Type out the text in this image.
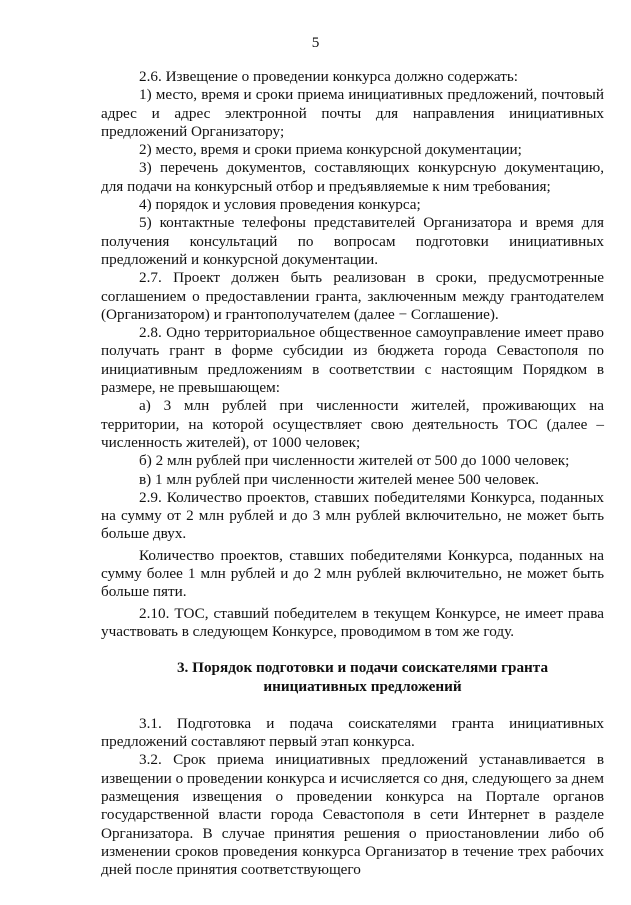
5

2.6. Извещение о проведении конкурса должно содержать:

1) место, время и сроки приема инициативных предложений, почтовый адрес и адрес электронной почты для направления инициативных предложений Организатору;

2) место, время и сроки приема конкурсной документации;

3) перечень документов, составляющих конкурсную документацию, для подачи на конкурсный отбор и предъявляемые к ним требования;

4) порядок и условия проведения конкурса;

5) контактные телефоны представителей Организатора и время для получения консультаций по вопросам подготовки инициативных предложений и конкурсной документации.

2.7. Проект должен быть реализован в сроки, предусмотренные соглашением о предоставлении гранта, заключенным между грантодателем (Организатором) и грантополучателем (далее − Соглашение).

2.8. Одно территориальное общественное самоуправление имеет право получать грант в форме субсидии из бюджета города Севастополя по инициативным предложениям в соответствии с настоящим Порядком в размере, не превышающем:

а) 3 млн рублей при численности жителей, проживающих на территории, на которой осуществляет свою деятельность ТОС (далее – численность жителей), от 1000 человек;

б) 2 млн рублей при численности жителей от 500 до 1000 человек;

в) 1 млн рублей при численности жителей менее 500 человек.

2.9. Количество проектов, ставших победителями Конкурса, поданных на сумму от 2 млн рублей и до 3 млн рублей включительно, не может быть больше двух.

Количество проектов, ставших победителями Конкурса, поданных на сумму более 1 млн рублей и до 2 млн рублей включительно, не может быть больше пяти.

2.10. ТОС, ставший победителем в текущем Конкурсе, не имеет права участвовать в следующем Конкурсе, проводимом в том же году.

3. Порядок подготовки и подачи соискателями гранта
инициативных предложений

3.1. Подготовка и подача соискателями гранта инициативных предложений составляют первый этап конкурса.

3.2. Срок приема инициативных предложений устанавливается в извещении о проведении конкурса и исчисляется со дня, следующего за днем размещения извещения о проведении конкурса на Портале органов государственной власти города Севастополя в сети Интернет в разделе Организатора. В случае принятия решения о приостановлении либо об изменении сроков проведения конкурса Организатор в течение трех рабочих дней после принятия соответствующего
